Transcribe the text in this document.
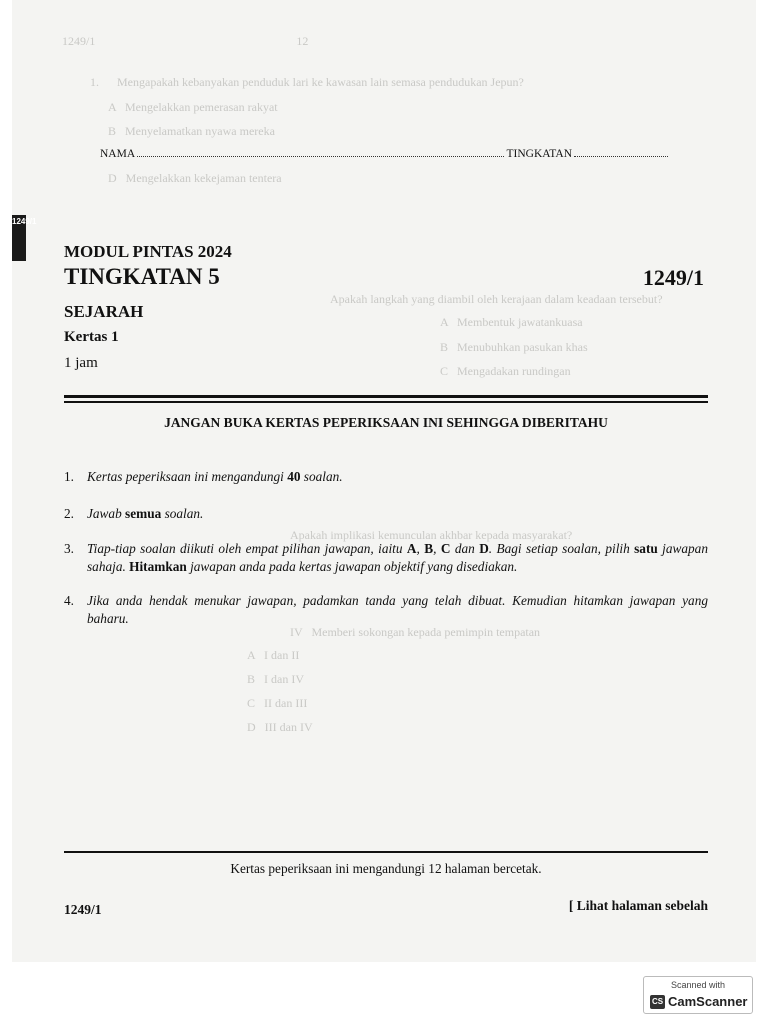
1249/1                                                                   12
1.      Mengapakah kebanyakan penduduk lari ke kawasan lain semasa pendudukan Jepun?
A   Mengelakkan pemerasan rakyat
B   Menyelamatkan nyawa mereka
D   Mengelakkan kekejaman tentera
Apakah langkah yang diambil oleh kerajaan dalam keadaan tersebut?
A   Membentuk jawatankuasa
B   Menubuhkan pasukan khas
C   Mengadakan rundingan
Apakah implikasi kemunculan akhbar kepada masyarakat?
IV   Memberi sokongan kepada pemimpin tempatan
A   I dan II
B   I dan IV
C   II dan III
D   III dan IV
1249/1
NAMA	TINGKATAN
MODUL PINTAS 2024
TINGKATAN 5	1249/1
SEJARAH
Kertas 1
1 jam
JANGAN BUKA KERTAS PEPERIKSAAN INI SEHINGGA DIBERITAHU
1. Kertas peperiksaan ini mengandungi 40 soalan.
2. Jawab semua soalan.
3. Tiap-tiap soalan diikuti oleh empat pilihan jawapan, iaitu A, B, C dan D. Bagi setiap soalan, pilih satu jawapan sahaja. Hitamkan jawapan anda pada kertas jawapan objektif yang disediakan.
4. Jika anda hendak menukar jawapan, padamkan tanda yang telah dibuat. Kemudian hitamkan jawapan yang baharu.
Kertas peperiksaan ini mengandungi 12 halaman bercetak.
1249/1	[ Lihat halaman sebelah
Scanned with
CS CamScanner
